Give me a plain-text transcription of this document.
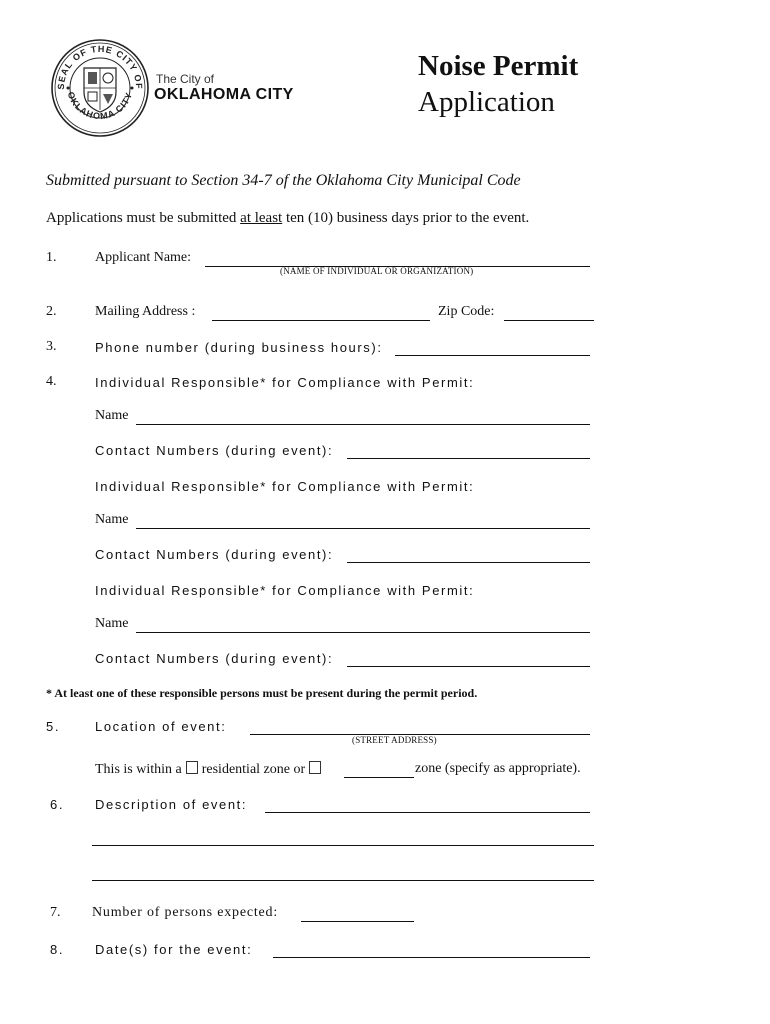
SEAL OF THE CITY OF
OKLAHOMA CITY
The City of
OKLAHOMA CITY
Noise Permit
Application
Submitted pursuant to Section 34-7 of the Oklahoma City Municipal Code
Applications must be submitted at least ten (10) business days prior to the event.
1.	Applicant Name:
(NAME OF INDIVIDUAL OR ORGANIZATION)
2.	Mailing Address :	Zip Code:
3.	Phone number (during business hours):
4.	Individual Responsible* for Compliance with Permit:
Name
Contact Numbers (during event):
Individual Responsible* for Compliance with Permit:
Name
Contact Numbers (during event):
Individual Responsible* for Compliance with Permit:
Name
Contact Numbers (during event):
* At least one of these responsible persons must be present during the permit period.
5.	Location of event:
(STREET ADDRESS)
This is within a residential zone or	zone (specify as appropriate).
6. Description of event:
7. Number of persons expected:
8. Date(s) for the event:
